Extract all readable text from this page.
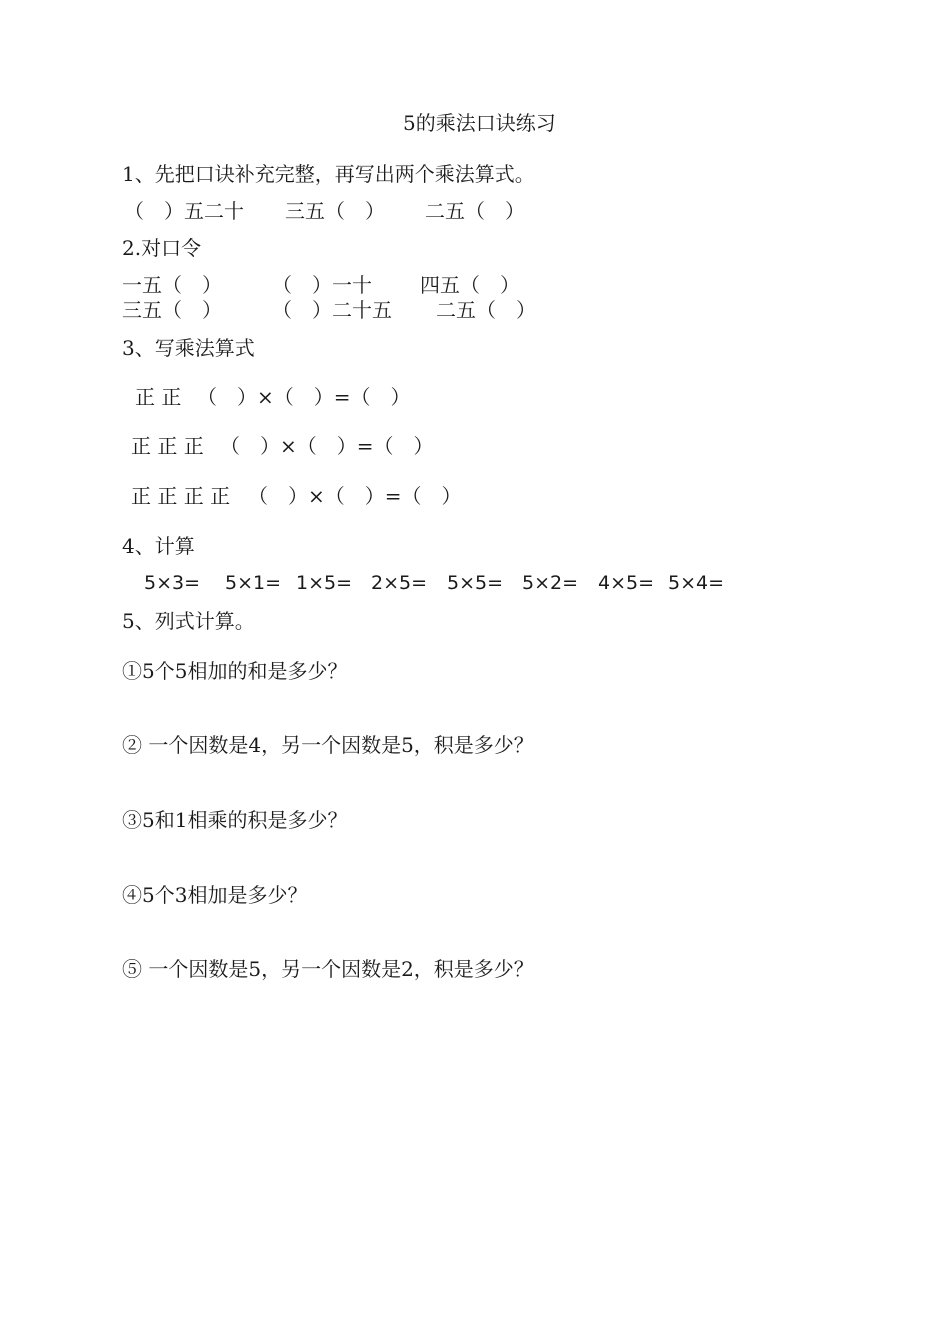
5的乘法口诀练习
1、先把口诀补充完整，再写出两个乘法算式。
（　）五二十 三五（　） 二五（　）
2.对口令
一五（　）	（　）一十 四五（　）
三五（　）	（　）二十五 二五（　）
3、写乘法算式
正 正 （　）×（　）=（　）
正 正 正 （　）×（　）=（　）
正 正 正 正 （　）×（　）=（　）
4、计算
5×3= 5×1= 1×5= 2×5= 5×5= 5×2= 4×5= 5×4=
5、列式计算。
①5个5相加的和是多少？
② 一个因数是4，另一个因数是5，积是多少？
③5和1相乘的积是多少？
④5个3相加是多少？
⑤ 一个因数是5，另一个因数是2，积是多少？
